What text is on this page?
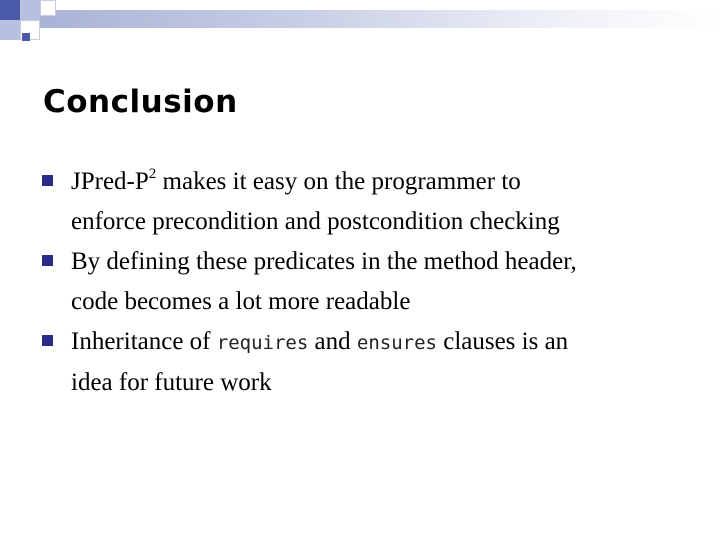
Conclusion
JPred-$P^2$ makes it easy on the programmer to
enforce precondition and postcondition checking
By defining these predicates in the method header,
code becomes a lot more readable
Inheritance of requires and ensures clauses is an
idea for future work
